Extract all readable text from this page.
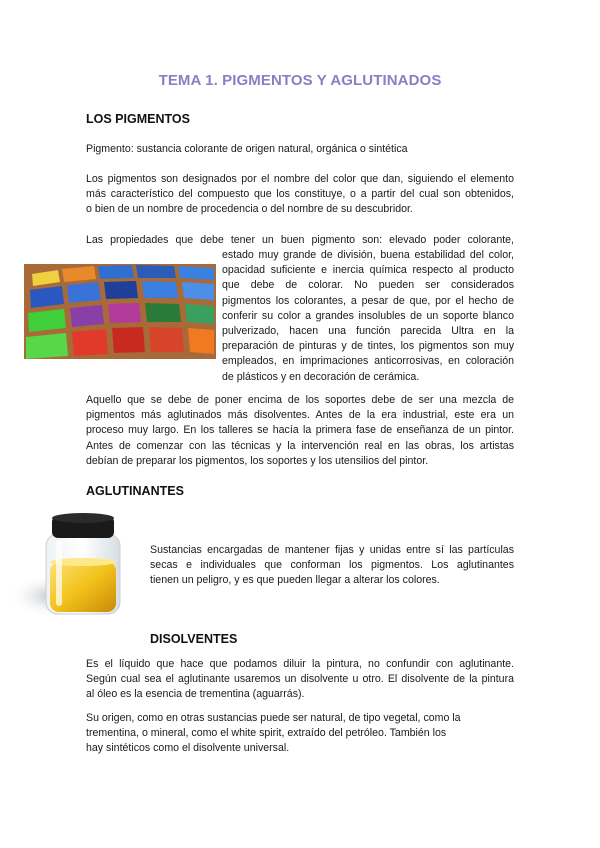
TEMA 1. PIGMENTOS Y AGLUTINADOS
LOS PIGMENTOS
Pigmento: sustancia colorante de origen natural, orgánica o sintética
Los pigmentos son designados por el nombre del color que dan, siguiendo el elemento
más característico del compuesto que los constituye, o a partir del cual son obtenidos,
o bien de un nombre de procedencia o del nombre de su descubridor.
Las propiedades que debe tener un buen pigmento son: elevado poder colorante,
estado muy grande de división, buena estabilidad del color,
opacidad suficiente e inercia química respecto al producto
que debe de colorar. No pueden ser considerados
pigmentos los colorantes, a pesar de que, por el hecho de
conferir su color a grandes insolubles de un soporte blanco
pulverizado, hacen una función parecida Ultra en la
preparación de pinturas y de tintes, los pigmentos son muy
empleados, en imprimaciones anticorrosivas, en coloración
de plásticos y en decoración de cerámica.
Aquello que se debe de poner encima de los soportes debe de ser una mezcla de
pigmentos más aglutinados más disolventes. Antes de la era industrial, este era un
proceso muy largo. En los talleres se hacía la primera fase de enseñanza de un pintor.
Antes de comenzar con las técnicas y la intervención real en las obras, los artistas
debían de preparar los pigmentos, los soportes y los utensilios del pintor.
AGLUTINANTES
Sustancias encargadas de mantener fijas y unidas entre sí las partículas
secas e individuales que conforman los pigmentos. Los aglutinantes
tienen un peligro, y es que pueden llegar a alterar los colores.
DISOLVENTES
Es el líquido que hace que podamos diluir la pintura, no confundir con aglutinante.
Según cual sea el aglutinante usaremos un disolvente u otro. El disolvente de la pintura
al óleo es la esencia de trementina (aguarrás).
Su origen, como en otras sustancias puede ser natural, de tipo vegetal, como la
trementina, o mineral, como el white spirit, extraído del petróleo. También los
hay sintéticos como el disolvente universal.
